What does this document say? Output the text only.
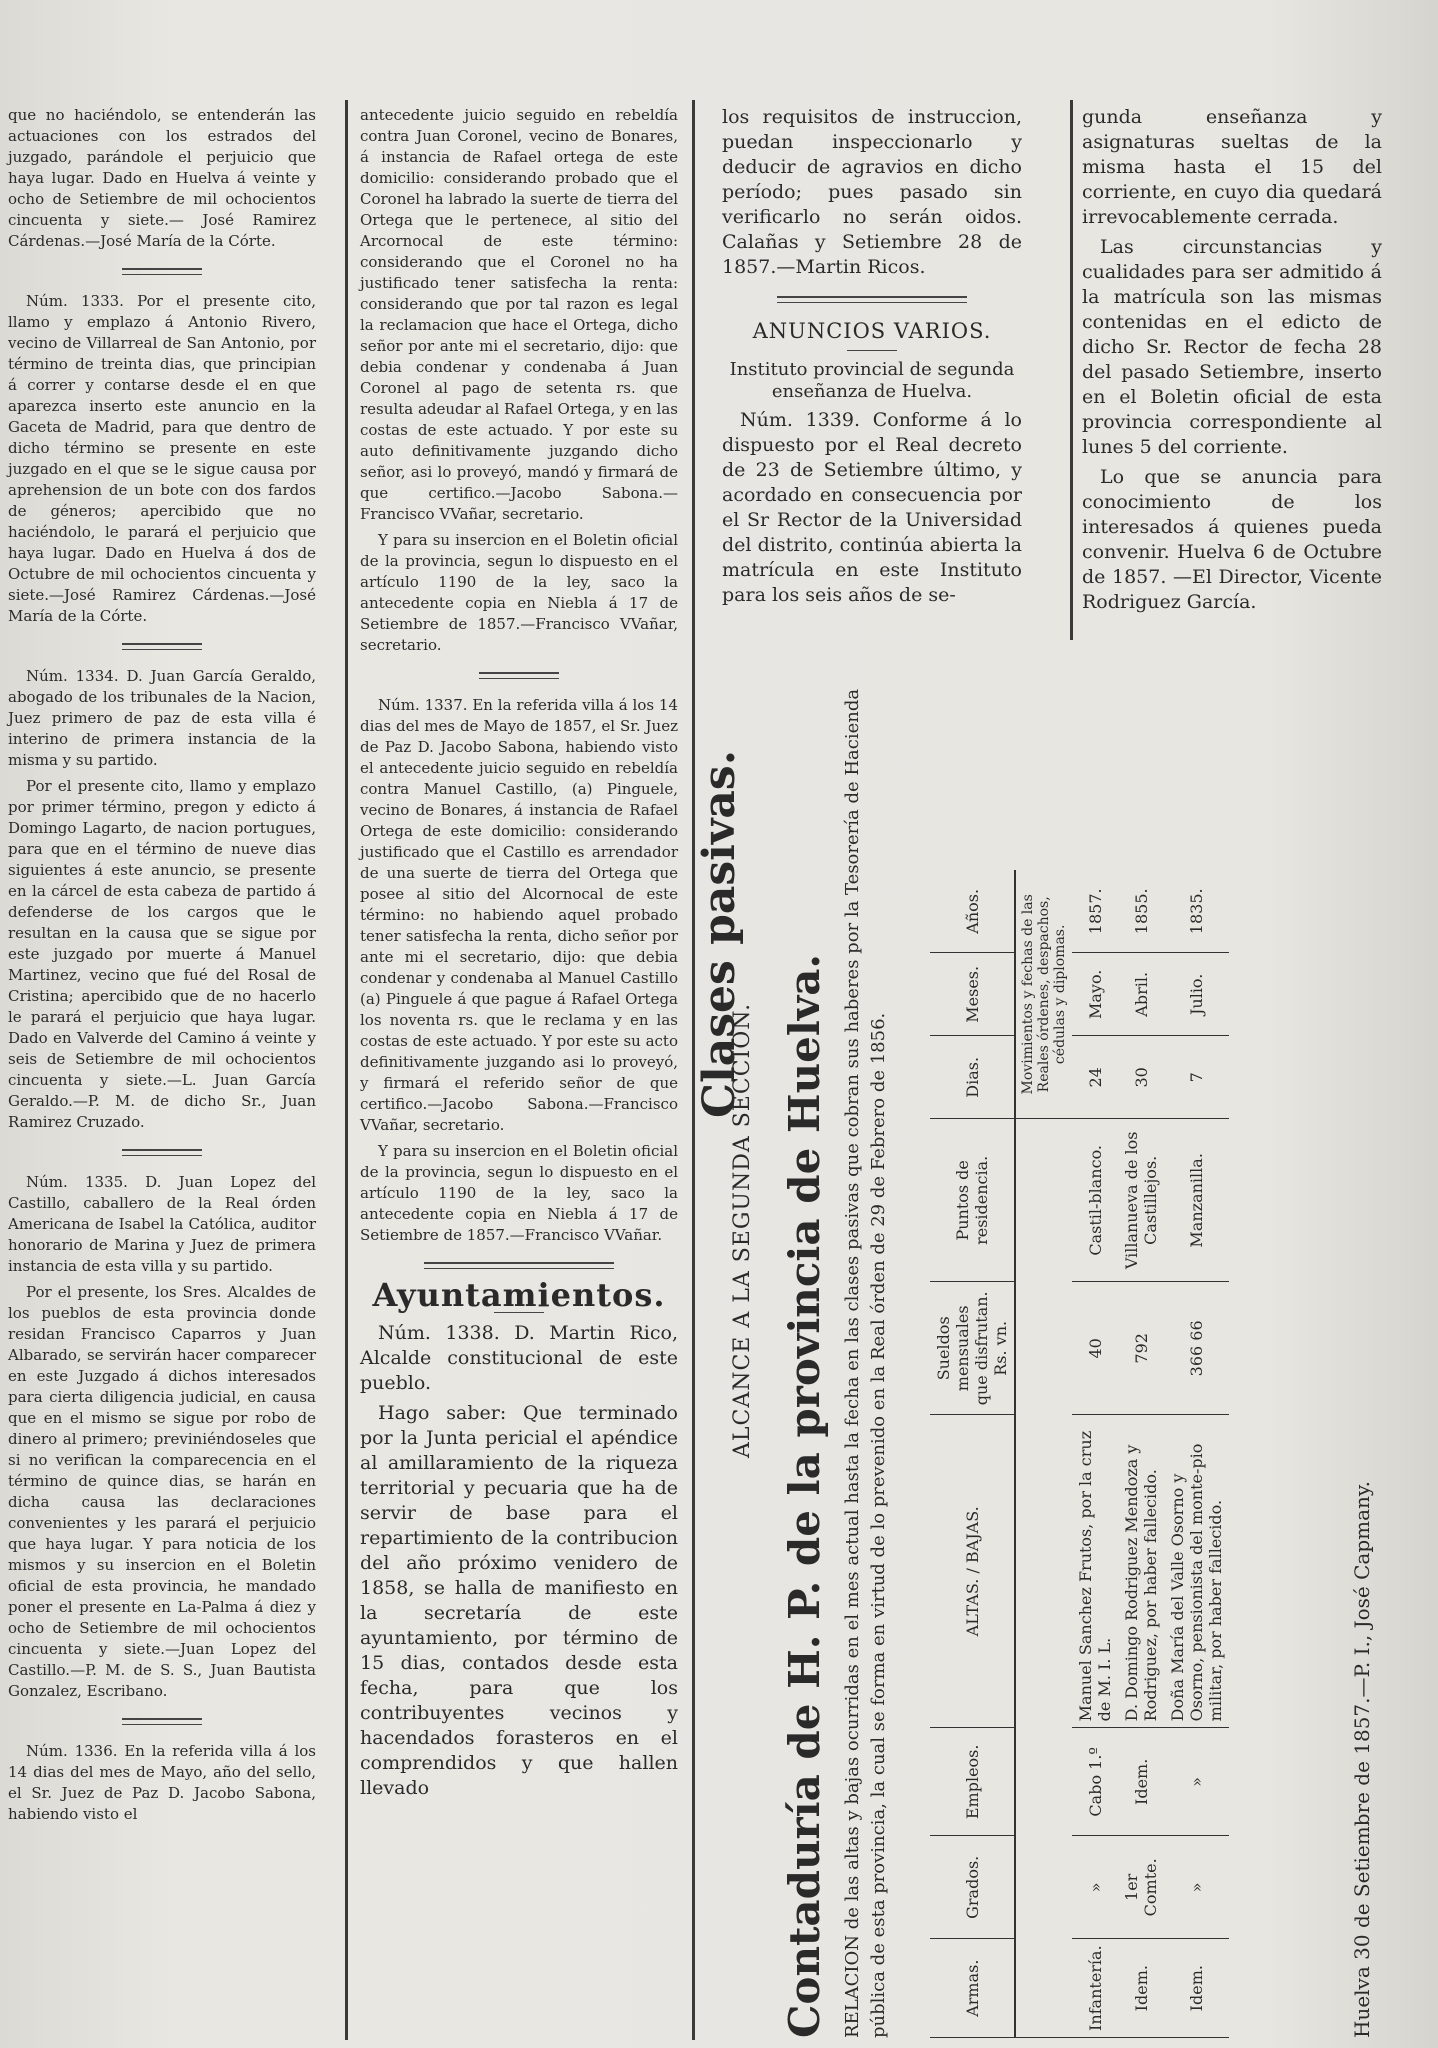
que no haciéndolo, se entenderán las actuaciones con los estrados del juzgado, parándole el perjuicio que haya lugar. Dado en Huelva á veinte y ocho de Setiembre de mil ochocientos cincuenta y siete.— José Ramirez Cárdenas.—José María de la Córte.

Núm. 1333. Por el presente cito, llamo y emplazo á Antonio Rivero, vecino de Villarreal de San Antonio, por término de treinta dias, que principian á correr y contarse desde el en que aparezca inserto este anuncio en la Gaceta de Madrid, para que dentro de dicho término se presente en este juzgado en el que se le sigue causa por aprehension de un bote con dos fardos de géneros; apercibido que no haciéndolo, le parará el perjuicio que haya lugar. Dado en Huelva á dos de Octubre de mil ochocientos cincuenta y siete.—José Ramirez Cárdenas.—José María de la Córte.

Núm. 1334. D. Juan García Geraldo, abogado de los tribunales de la Nacion, Juez primero de paz de esta villa é interino de primera instancia de la misma y su partido.

Por el presente cito, llamo y emplazo por primer término, pregon y edicto á Domingo Lagarto, de nacion portugues, para que en el término de nueve dias siguientes á este anuncio, se presente en la cárcel de esta cabeza de partido á defenderse de los cargos que le resultan en la causa que se sigue por este juzgado por muerte á Manuel Martinez, vecino que fué del Rosal de Cristina; apercibido que de no hacerlo le parará el perjuicio que haya lugar. Dado en Valverde del Camino á veinte y seis de Setiembre de mil ochocientos cincuenta y siete.—L. Juan García Geraldo.—P. M. de dicho Sr., Juan Ramirez Cruzado.

Núm. 1335. D. Juan Lopez del Castillo, caballero de la Real órden Americana de Isabel la Católica, auditor honorario de Marina y Juez de primera instancia de esta villa y su partido.

Por el presente, los Sres. Alcaldes de los pueblos de esta provincia donde residan Francisco Caparros y Juan Albarado, se servirán hacer comparecer en este Juzgado á dichos interesados para cierta diligencia judicial, en causa que en el mismo se sigue por robo de dinero al primero; previniéndoseles que si no verifican la comparecencia en el término de quince dias, se harán en dicha causa las declaraciones convenientes y les parará el perjuicio que haya lugar. Y para noticia de los mismos y su insercion en el Boletin oficial de esta provincia, he mandado poner el presente en La-Palma á diez y ocho de Setiembre de mil ochocientos cincuenta y siete.—Juan Lopez del Castillo.—P. M. de S. S., Juan Bautista Gonzalez, Escribano.

Núm. 1336. En la referida villa á los 14 dias del mes de Mayo, año del sello, el Sr. Juez de Paz D. Jacobo Sabona, habiendo visto el

antecedente juicio seguido en rebeldía contra Juan Coronel, vecino de Bonares, á instancia de Rafael ortega de este domicilio: considerando probado que el Coronel ha labrado la suerte de tierra del Ortega que le pertenece, al sitio del Arcornocal de este término: considerando que el Coronel no ha justificado tener satisfecha la renta: considerando que por tal razon es legal la reclamacion que hace el Ortega, dicho señor por ante mi el secretario, dijo: que debia condenar y condenaba á Juan Coronel al pago de setenta rs. que resulta adeudar al Rafael Ortega, y en las costas de este actuado. Y por este su auto definitivamente juzgando dicho señor, asi lo proveyó, mandó y firmará de que certifico.—Jacobo Sabona.—Francisco VVañar, secretario.

Y para su insercion en el Boletin oficial de la provincia, segun lo dispuesto en el artículo 1190 de la ley, saco la antecedente copia en Niebla á 17 de Setiembre de 1857.—Francisco VVañar, secretario.

Núm. 1337. En la referida villa á los 14 dias del mes de Mayo de 1857, el Sr. Juez de Paz D. Jacobo Sabona, habiendo visto el antecedente juicio seguido en rebeldía contra Manuel Castillo, (a) Pinguele, vecino de Bonares, á instancia de Rafael Ortega de este domicilio: considerando justificado que el Castillo es arrendador de una suerte de tierra del Ortega que posee al sitio del Alcornocal de este término: no habiendo aquel probado tener satisfecha la renta, dicho señor por ante mi el secretario, dijo: que debia condenar y condenaba al Manuel Castillo (a) Pinguele á que pague á Rafael Ortega los noventa rs. que le reclama y en las costas de este actuado. Y por este su acto definitivamente juzgando asi lo proveyó, y firmará el referido señor de que certifico.—Jacobo Sabona.—Francisco VVañar, secretario.

Y para su insercion en el Boletin oficial de la provincia, segun lo dispuesto en el artículo 1190 de la ley, saco la antecedente copia en Niebla á 17 de Setiembre de 1857.—Francisco VVañar.

Ayuntamientos.

Núm. 1338. D. Martin Rico, Alcalde constitucional de este pueblo.

Hago saber: Que terminado por la Junta pericial el apéndice al amillaramiento de la riqueza territorial y pecuaria que ha de servir de base para el repartimiento de la contribucion del año próximo venidero de 1858, se halla de manifiesto en la secretaría de este ayuntamiento, por término de 15 dias, contados desde esta fecha, para que los contribuyentes vecinos y hacendados forasteros en el comprendidos y que hallen llevado

los requisitos de instruccion, puedan inspeccionarlo y deducir de agravios en dicho período; pues pasado sin verificarlo no serán oidos. Calañas y Setiembre 28 de 1857.—Martin Ricos.

ANUNCIOS VARIOS.

Instituto provincial de segunda enseñanza de Huelva.

Núm. 1339. Conforme á lo dispuesto por el Real decreto de 23 de Setiembre último, y acordado en consecuencia por el Sr Rector de la Universidad del distrito, continúa abierta la matrícula en este Instituto para los seis años de se-

gunda enseñanza y asignaturas sueltas de la misma hasta el 15 del corriente, en cuyo dia quedará irrevocablemente cerrada.

Las circunstancias y cualidades para ser admitido á la matrícula son las mismas contenidas en el edicto de dicho Sr. Rector de fecha 28 del pasado Setiembre, inserto en el Boletin oficial de esta provincia correspondiente al lunes 5 del corriente.

Lo que se anuncia para conocimiento de los interesados á quienes pueda convenir. Huelva 6 de Octubre de 1857. —El Director, Vicente Rodriguez García.

ALCANCE A LA SEGUNDA SECCION. Contaduría de H. P. de la provincia de Huelva.
Clases pasivas.	RELACION de las altas y bajas ocurridas en el mes actual hasta la fecha en las clases pasivas que cobran sus haberes por la Tesorería de Hacienda pública de esta provincia, la cual se forma en virtud de lo prevenido en la Real órden de 29 de Febrero de 1856.	Armas.	Grados.	Empleos.	ALTAS. / BAJAS.	Sueldos mensuales que disfrutan. Rs. vn.	Puntos de residencia.	Dias.	Meses.	Años.
						Movimientos y fechas de las Reales órdenes, despachos, cédulas y diplomas.		
Infantería.	»	Cabo 1.º	Manuel Sanchez Frutos, por la cruz de M. I. L.	40	Castil-blanco.	24	Mayo.	1857.
Idem.	1er Comte.	Idem.	D. Domingo Rodriguez Mendoza y Rodriguez, por haber fallecido.	792	Villanueva de los Castillejos.	30	Abril.	1855.
Idem.	»	»	Doña María del Valle Osorno y Osorno, pensionista del monte-pio militar, por haber fallecido.	366 66	Manzanilla.	7	Julio.	1835.
Huelva 30 de Setiembre de 1857.—P. I., José Capmany.
